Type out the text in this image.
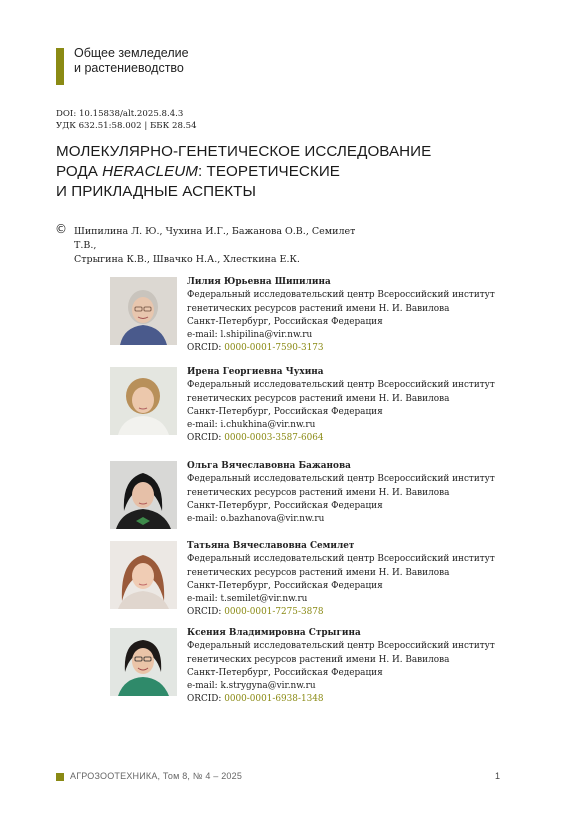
Общее земледелие
и растениеводство
DOI: 10.15838/alt.2025.8.4.3
УДК 632.51:58.002 | ББК 28.54
МОЛЕКУЛЯРНО-ГЕНЕТИЧЕСКОЕ ИССЛЕДОВАНИЕ
РОДА HERACLEUM: ТЕОРЕТИЧЕСКИЕ
И ПРИКЛАДНЫЕ АСПЕКТЫ
© Шипилина Л. Ю., Чухина И.Г., Бажанова О.В., Семилет Т.В.,
Стрыгина К.В., Швачко Н.А., Хлесткина Е.К.
Лилия Юрьевна Шипилина
Федеральный исследовательский центр Всероссийский институт
генетических ресурсов растений имени Н. И. Вавилова
Санкт-Петербург, Российская Федерация
e-mail: l.shipilina@vir.nw.ru
ORCID: 0000-0001-7590-3173
Ирена Георгиевна Чухина
Федеральный исследовательский центр Всероссийский институт
генетических ресурсов растений имени Н. И. Вавилова
Санкт-Петербург, Российская Федерация
e-mail: i.chukhina@vir.nw.ru
ORCID: 0000-0003-3587-6064
Ольга Вячеславовна Бажанова
Федеральный исследовательский центр Всероссийский институт
генетических ресурсов растений имени Н. И. Вавилова
Санкт-Петербург, Российская Федерация
e-mail: o.bazhanova@vir.nw.ru
Татьяна Вячеславовна Семилет
Федеральный исследовательский центр Всероссийский институт
генетических ресурсов растений имени Н. И. Вавилова
Санкт-Петербург, Российская Федерация
e-mail: t.semilet@vir.nw.ru
ORCID: 0000-0001-7275-3878
Ксения Владимировна Стрыгина
Федеральный исследовательский центр Всероссийский институт
генетических ресурсов растений имени Н. И. Вавилова
Санкт-Петербург, Российская Федерация
e-mail: k.strygyna@vir.nw.ru
ORCID: 0000-0001-6938-1348
АГРОЗООТЕХНИКА, Том 8, № 4 – 2025	1
